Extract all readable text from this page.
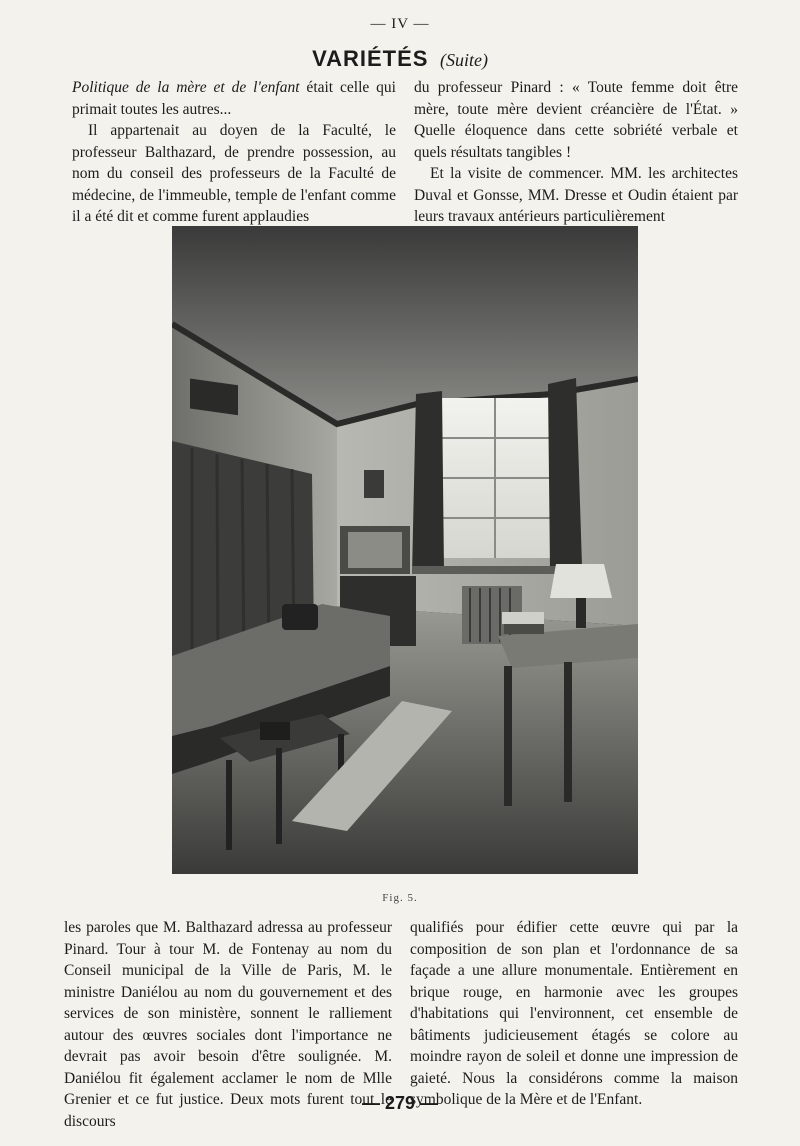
— IV —
VARIÉTÉS (Suite)

Politique de la mère et de l'enfant était celle qui primait toutes les autres...

Il appartenait au doyen de la Faculté, le professeur Balthazard, de prendre possession, au nom du conseil des professeurs de la Faculté de médecine, de l'immeuble, temple de l'enfant comme il a été dit et comme furent applaudies

du professeur Pinard : « Toute femme doit être mère, toute mère devient créancière de l'État. » Quelle éloquence dans cette sobriété verbale et quels résultats tangibles !

Et la visite de commencer. MM. les architectes Duval et Gonsse, MM. Dresse et Oudin étaient par leurs travaux antérieurs particulièrement

Fig. 5.

les paroles que M. Balthazard adressa au professeur Pinard. Tour à tour M. de Fontenay au nom du Conseil municipal de la Ville de Paris, M. le ministre Daniélou au nom du gouvernement et des services de son ministère, sonnent le ralliement autour des œuvres sociales dont l'importance ne devrait pas avoir besoin d'être soulignée. M. Daniélou fit également acclamer le nom de Mlle Grenier et ce fut justice. Deux mots furent tout le discours

qualifiés pour édifier cette œuvre qui par la composition de son plan et l'ordonnance de sa façade a une allure monumentale. Entièrement en brique rouge, en harmonie avec les groupes d'habitations qui l'environnent, cet ensemble de bâtiments judicieusement étagés se colore au moindre rayon de soleil et donne une impression de gaieté. Nous la considérons comme la maison symbolique de la Mère et de l'Enfant.

— 279 —
